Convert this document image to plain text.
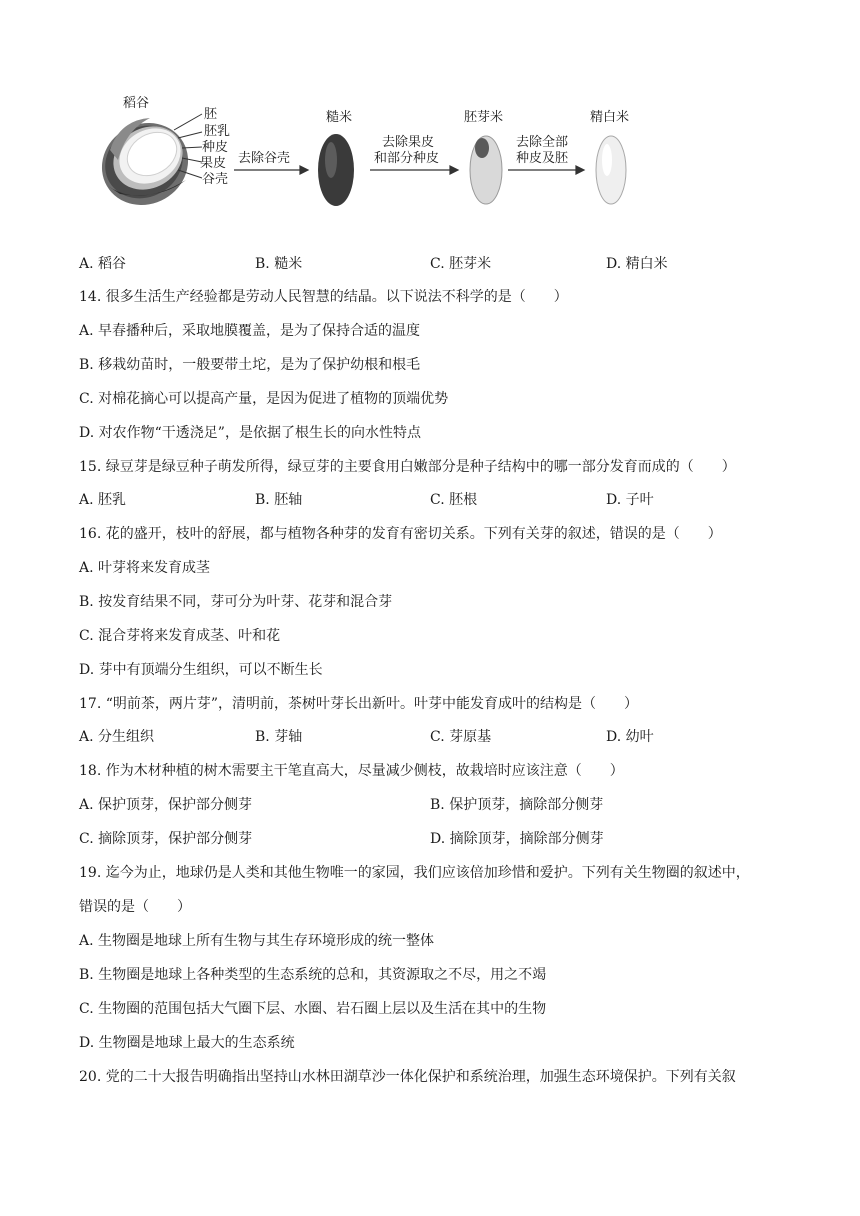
稻谷
胚
胚乳
种皮
果皮
谷壳
去除谷壳
糙米
去除果皮
和部分种皮
胚芽米
去除全部
种皮及胚
精白米
A. 稻谷	B. 糙米	C. 胚芽米	D. 精白米
14. 很多生活生产经验都是劳动人民智慧的结晶。以下说法不科学的是（　　）
A. 早春播种后，采取地膜覆盖，是为了保持合适的温度
B. 移栽幼苗时，一般要带土坨，是为了保护幼根和根毛
C. 对棉花摘心可以提高产量，是因为促进了植物的顶端优势
D. 对农作物“干透浇足”，是依据了根生长的向水性特点
15. 绿豆芽是绿豆种子萌发所得，绿豆芽的主要食用白嫩部分是种子结构中的哪一部分发育而成的（　　）
A. 胚乳	B. 胚轴	C. 胚根	D. 子叶
16. 花的盛开，枝叶的舒展，都与植物各种芽的发育有密切关系。下列有关芽的叙述，错误的是（　　）
A. 叶芽将来发育成茎
B. 按发育结果不同，芽可分为叶芽、花芽和混合芽
C. 混合芽将来发育成茎、叶和花
D. 芽中有顶端分生组织，可以不断生长
17. “明前茶，两片芽”，清明前，茶树叶芽长出新叶。叶芽中能发育成叶的结构是（　　）
A. 分生组织	B. 芽轴	C. 芽原基	D. 幼叶
18. 作为木材种植的树木需要主干笔直高大，尽量减少侧枝，故栽培时应该注意（　　）
A. 保护顶芽，保护部分侧芽	B. 保护顶芽，摘除部分侧芽
C. 摘除顶芽，保护部分侧芽	D. 摘除顶芽，摘除部分侧芽
19. 迄今为止，地球仍是人类和其他生物唯一的家园，我们应该倍加珍惜和爱护。下列有关生物圈的叙述中，
错误的是（　　）
A. 生物圈是地球上所有生物与其生存环境形成的统一整体
B. 生物圈是地球上各种类型的生态系统的总和，其资源取之不尽，用之不竭
C. 生物圈的范围包括大气圈下层、水圈、岩石圈上层以及生活在其中的生物
D. 生物圈是地球上最大的生态系统
20. 党的二十大报告明确指出坚持山水林田湖草沙一体化保护和系统治理，加强生态环境保护。下列有关叙
